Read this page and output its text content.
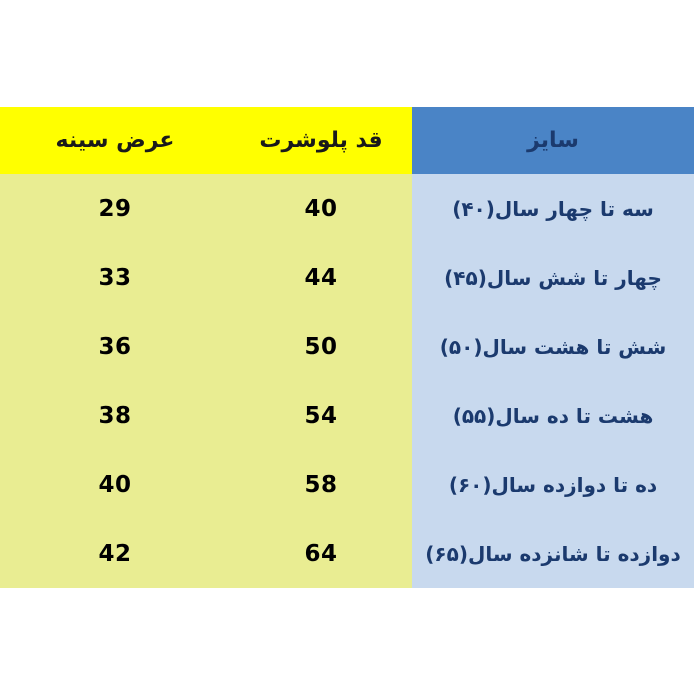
عرض سینه	قد پلوشرت	سایز
29	40	سه تا چهار سال(۴۰)
33	44	چهار تا شش سال(۴۵)
36	50	شش تا هشت سال(۵۰)
38	54	هشت تا ده سال(۵۵)
40	58	ده تا دوازده سال(۶۰)
42	64	دوازده تا شانزده سال(۶۵)
